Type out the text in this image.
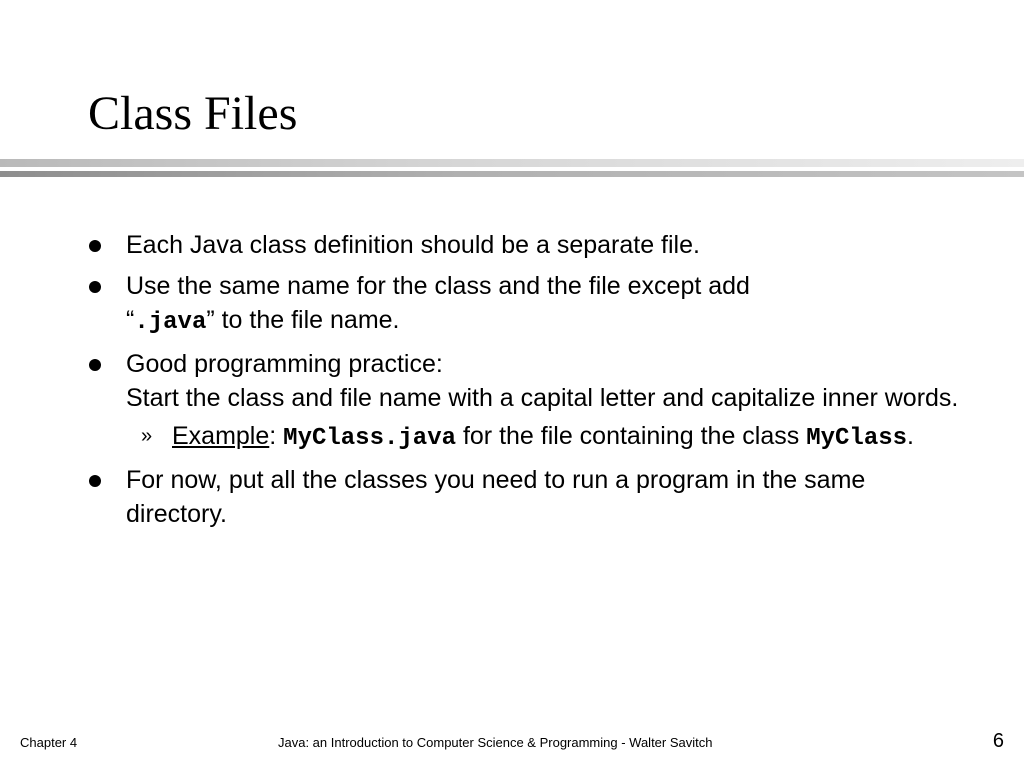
Class Files
Each Java class definition should be a separate file.
Use the same name for the class and the file except add
“.java” to the file name.
Good programming practice:
Start the class and file name with a capital letter and capitalize inner words.
» Example: MyClass.java for the file containing the class MyClass.
For now, put all the classes you need to run a program in the same directory.
Chapter 4	Java: an Introduction to Computer Science & Programming - Walter Savitch	6
